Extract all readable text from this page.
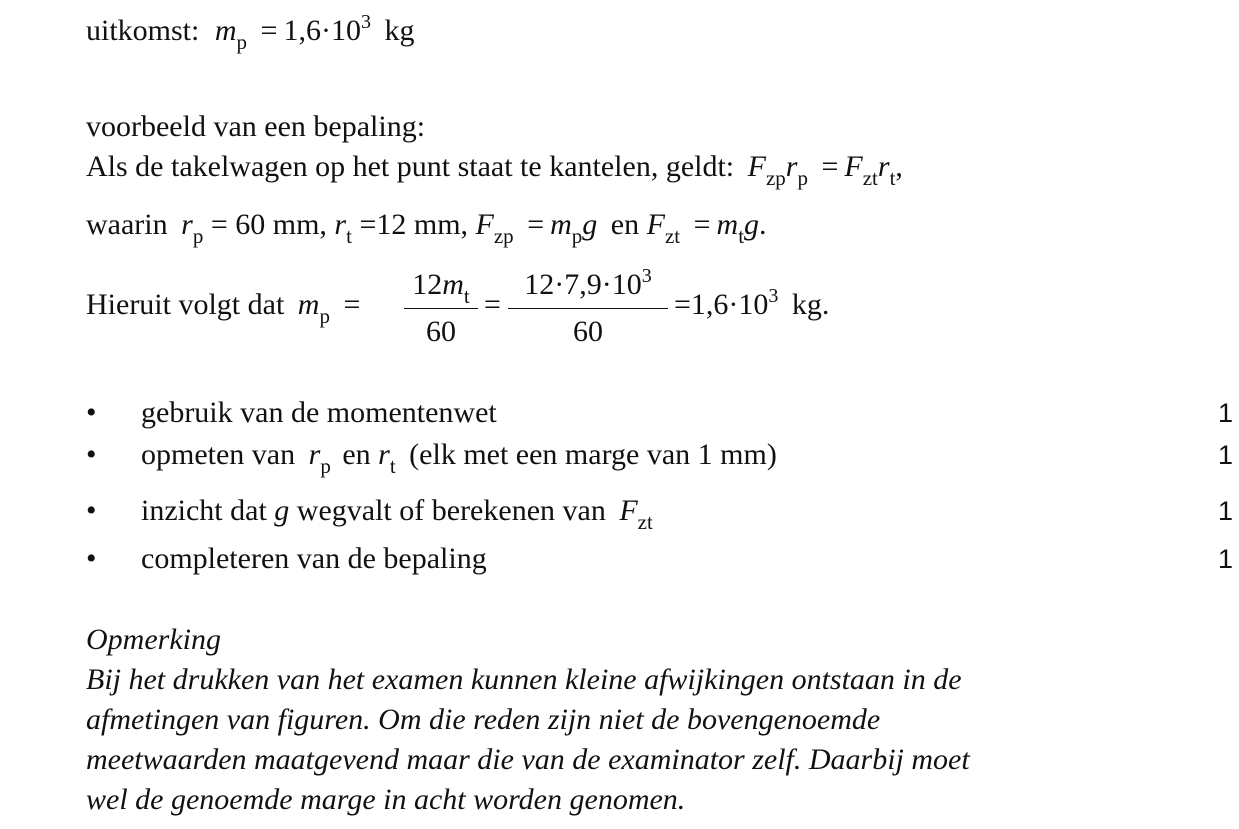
uitkomst: $m_p = 1,6\cdot 10^3$ kg
voorbeeld van een bepaling:
Als de takelwagen op het punt staat te kantelen, geldt: $F_{zp}r_p = F_{zt}r_t$,
waarin $r_p = 60$ mm, $r_t =12$ mm, $F_{zp} = m_pg$ en $F_{zt} = m_tg$.
Hieruit volgt dat $m_p = \frac{12m_t}{60} = \frac{12\cdot 7,9\cdot 10^3}{60} =1,6\cdot 10^3$ kg.
• gebruik van de momentenwet	1
• opmeten van $r_p$ en $r_t$ (elk met een marge van 1 mm)	1
• inzicht dat g wegvalt of berekenen van $F_{zt}$	1
• completeren van de bepaling	1
Opmerking
Bij het drukken van het examen kunnen kleine afwijkingen ontstaan in de
afmetingen van figuren. Om die reden zijn niet de bovengenoemde
meetwaarden maatgevend maar die van de examinator zelf. Daarbij moet
wel de genoemde marge in acht worden genomen.
